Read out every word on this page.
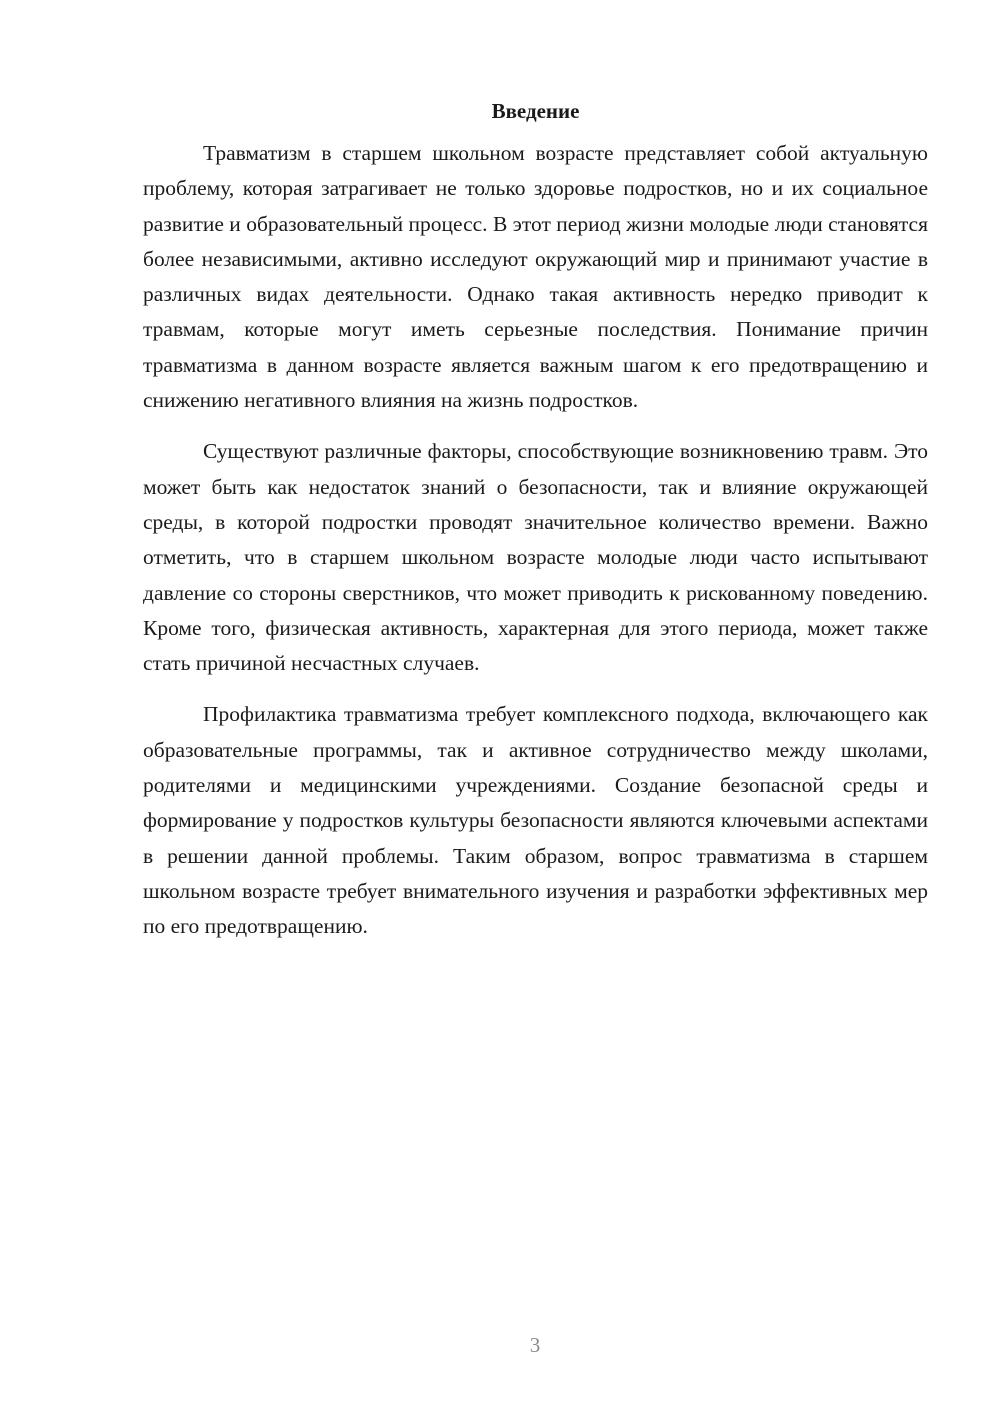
Введение

Травматизм в старшем школьном возрасте представляет собой актуальную проблему, которая затрагивает не только здоровье подростков, но и их социальное развитие и образовательный процесс. В этот период жизни молодые люди становятся более независимыми, активно исследуют окружающий мир и принимают участие в различных видах деятельности. Однако такая активность нередко приводит к травмам, которые могут иметь серьезные последствия. Понимание причин травматизма в данном возрасте является важным шагом к его предотвращению и снижению негативного влияния на жизнь подростков.

Существуют различные факторы, способствующие возникновению травм. Это может быть как недостаток знаний о безопасности, так и влияние окружающей среды, в которой подростки проводят значительное количество времени. Важно отметить, что в старшем школьном возрасте молодые люди часто испытывают давление со стороны сверстников, что может приводить к рискованному поведению. Кроме того, физическая активность, характерная для этого периода, может также стать причиной несчастных случаев.

Профилактика травматизма требует комплексного подхода, включающего как образовательные программы, так и активное сотрудничество между школами, родителями и медицинскими учреждениями. Создание безопасной среды и формирование у подростков культуры безопасности являются ключевыми аспектами в решении данной проблемы. Таким образом, вопрос травматизма в старшем школьном возрасте требует внимательного изучения и разработки эффективных мер по его предотвращению.

3
